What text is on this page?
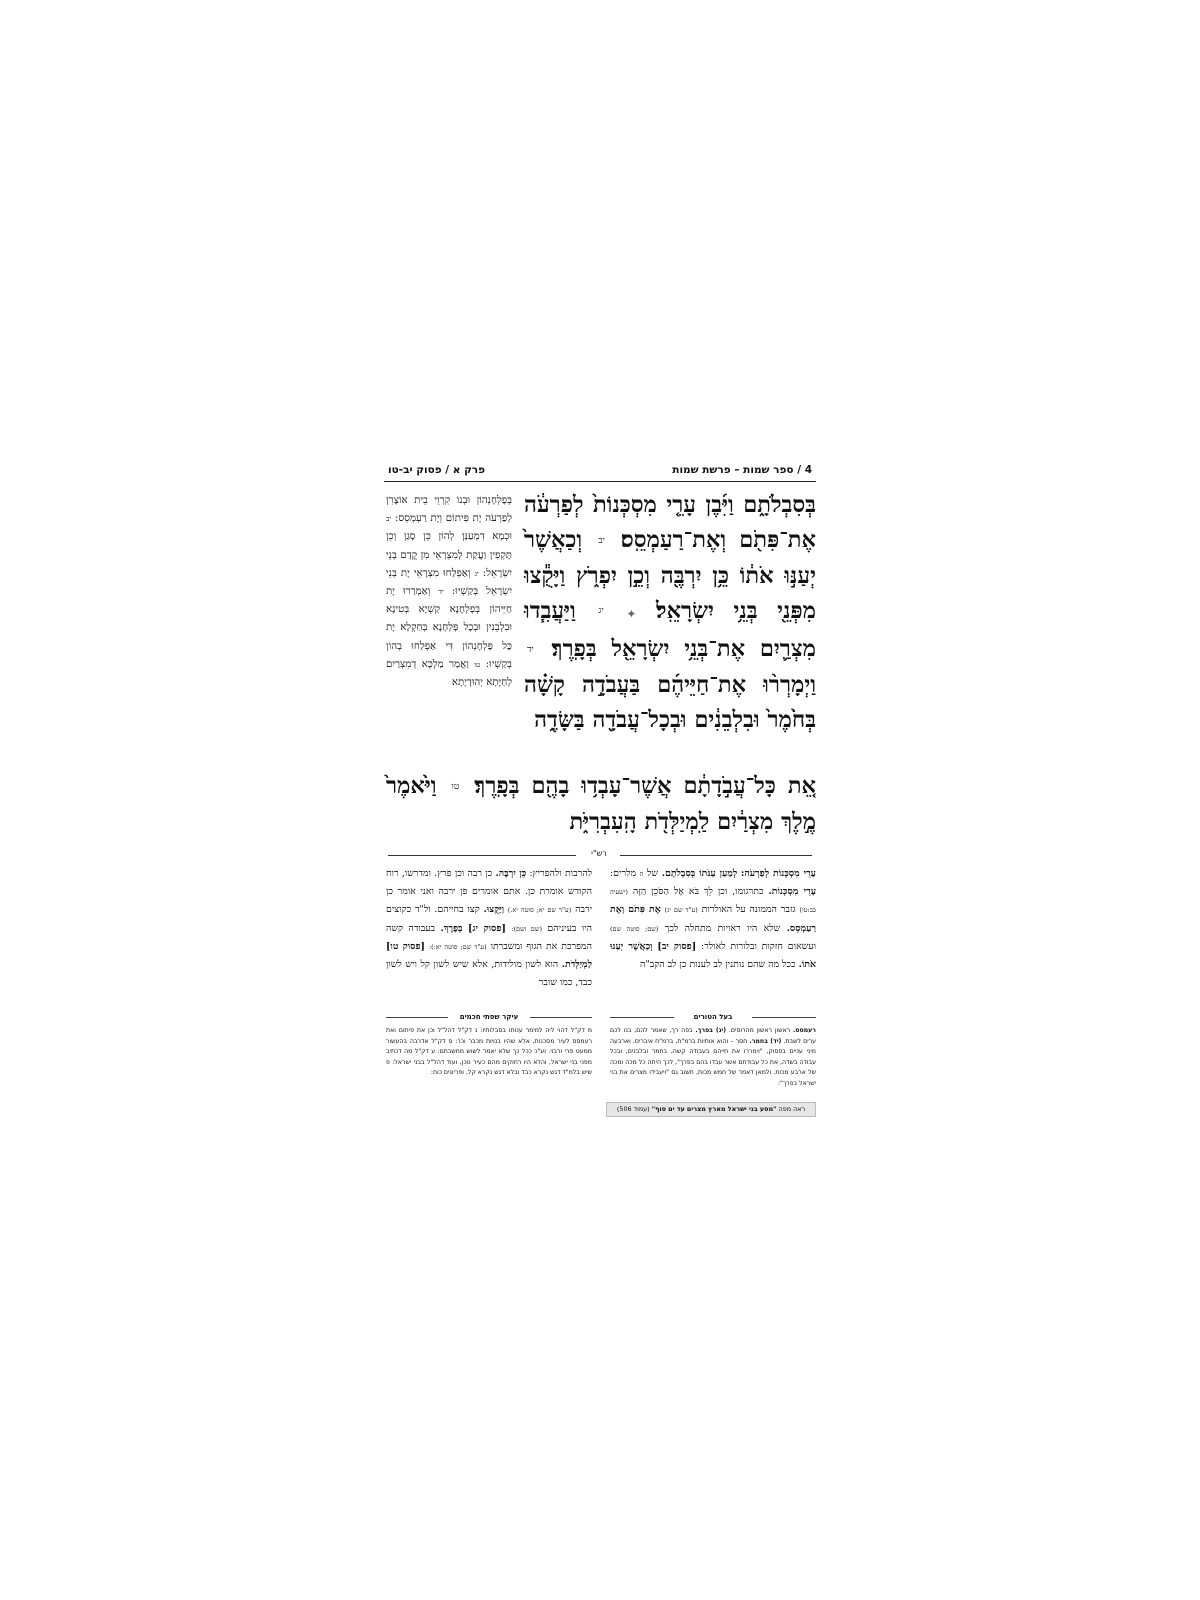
4 / ספר שמות – פרשת שמות
פרק א / פסוק יב-טו
בְּסִבְלֹתָ֑ם וַיִּ֜בֶן עָרֵ֤י מִסְכְּנוֹת֙ לְפַרְעֹ֔ה אֶת־פִּתֹ֖ם וְאֶת־רַעַמְסֵֽס׃ יב וְכַאֲשֶׁר֙ יְעַנּ֣וּ אֹת֔וֹ כֵּ֥ן יִרְבֶּ֖ה וְכֵ֣ן יִפְרֹ֑ץ וַיָּקֻ֕צוּ מִפְּנֵ֖י בְּנֵ֥י יִשְׂרָאֵֽל׃ ✦ יג וַיַּעֲבִ֧דוּ מִצְרַ֛יִם אֶת־בְּנֵ֥י יִשְׂרָאֵ֖ל בְּפָֽרֶךְ׃ יד וַיְמָרְר֨וּ אֶת־חַיֵּיהֶ֜ם בַּעֲבֹדָ֣ה קָשָׁ֗ה בְּחֹ֙מֶר֙ וּבִלְבֵנִ֔ים וּבְכָל־עֲבֹדָ֖ה בַּשָּׂדֶ֑ה
אֵ֚ת כָּל־עֲבֹ֣דָתָ֔ם אֲשֶׁר־עָבְד֥וּ בָהֶ֖ם בְּפָֽרֶךְ׃ טו וַיֹּ֙אמֶר֙ מֶ֣לֶךְ מִצְרַ֔יִם לַֽמְיַלְּדֹ֖ת הָֽעִבְרִיֹּ֑ת
בְּפָלְחָנְהוֹן וּבְנוֹ קִרְוֵי בֵית אוֹצָרִן לְפַרְעֹה יָת פִּיתוֹם וְיָת רַעְמְסֵס: יב וּכְמָא דִמְעַנַּן לְהוֹן כֵּן סָגַן וְכֵן תָּקְפִין וַעֲקַת לְמִצְרָאֵי מִן קֳדָם בְּנֵי יִשְׂרָאֵל: יג וְאַפְלַחוּ מִצְרָאֵי יָת בְּנֵי יִשְׂרָאֵל בְּקַשְׁיוּ: יד וְאַמְרַרוּ יָת חַיֵּיהוֹן בְּפָלְחָנָא קַשְׁיָא בְּטִינָא וּבִלְבֵנִין וּבְכָל פָּלְחָנָא בְּחַקְלָא יָת כָּל פָּלְחָנְהוֹן דִּי אַפְלַחוּ בְהוֹן בְּקַשְׁיוּ: טו וַאֲמַר מַלְכָּא דְמִצְרַיִם לְחַיָּתָא יְהוּדָיָתָא
רש"י
עָרֵי מִסְכְּנוֹת לְפַרְעֹה: לְמַעַן עַנֹּתוֹ בְּסִבְלֹתָם. של ה מלרים: עָרֵי מִסְכְּנוֹת. כתרגומו, וכן לֵךְ בֹּא אֶל הַסֹּכֵן הַזֶּה (ישעיה כב:טו) גזבר הממונה על האולרות (ע"ד שם יג) אֶת פִּתֹם וְאֶת רַעַמְסֵס. שלא היו ראויות מתחלה לכך (שם; סוטה שם) ועשאום חזקות ובלורות לאולר: [פסוק יב] וְכַאֲשֶׁר יְעַנּוּ אֹתוֹ. ככל מה שהם נותנין לב לענות כן לב הקב"ה
להרבות ולהפריץ: כֵּן יִרְבֶּה. כן רבה וכן פרץ. ומדרשו, רוח הקודש אומרת כן. אתם אומרים פן ירבה ואני אומר כן ירבה (ע"ד שם יא; סוטה יא.) וַיָּקֻצוּ. קצו בחייהם. ול"ד כקוצים היו בעיניהם (שם ושם): [פסוק יג] בְּפָרֶךְ. בעבודה קשה המפרכת את הגוף ומשברתו (ע"ד שם; סוטה יא:): [פסוק טו] לַמְיַלְּדֹת. הוא לשון מולידות, אלא שיש לשון קל ויש לשון כבד, כמו שובר
בעל הטורים
רעמסס. ראשון ראשון מהרוסים. (יג) בפרך. בפה רך, שאמר להם, בנו לכם ערים לשבת. (יד) בחמר. חסר – והוא אותיות ברמ"ח, ברמ"ח איברים. וארבעה מיני עניים בפסוק, "וימררו את חייהם בעבודה קשה, בחמר ובלבנים, ובכל עבודה בשדה, את כל עבודתם אשר עבדו בהם בפרך", לכך היתה כל מכה ומכה של ארבע מכות. ולמאן דאמר של חמש מכות, חשוב גם "ויעבידו מצרים את בני ישראל בפרך":
עיקר שפתי חכמים
מ דק"ל דהוי ליה למימר ענותו בסבלותיו: נ דק"ל דהל"ל וכן את פיתום ואת רעמסס לעיר מסכנות, אלא שהיו בנויות מכבר וכו': ס דק"ל אדרבה בהעשור ממעט פרי ורבוי. וע"כ ככל כך שלא יאמר לשוש מחשבתם: ע דק"ל מה דכתיב מפני בני ישראל, והלא היו רחוקים מהם כעיר נוכן, ועוד דהל"ל בבני ישראל: פ שיש בלמ"ד דגש נקרא כבד ובלא דגש נקרא קל, ופריונים כוח:
ראה מפה "מסע בני ישראל מארץ מצרים עד ים סוף" (עמוד 506)
